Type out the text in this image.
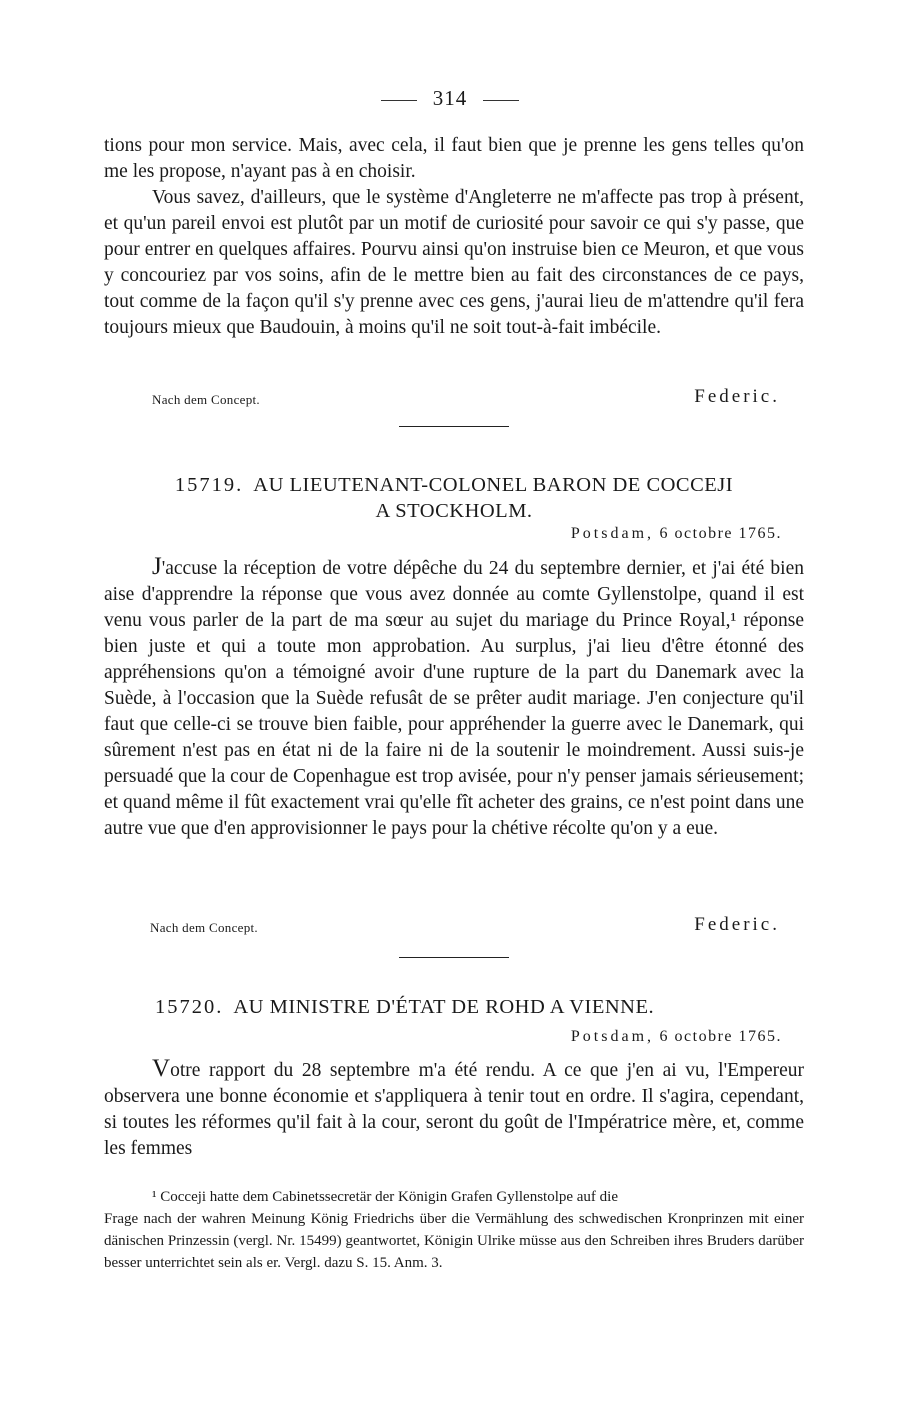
314
tions pour mon service. Mais, avec cela, il faut bien que je prenne les gens telles qu'on me les propose, n'ayant pas à en choisir.
Vous savez, d'ailleurs, que le système d'Angleterre ne m'affecte pas trop à présent, et qu'un pareil envoi est plutôt par un motif de curiosité pour savoir ce qui s'y passe, que pour entrer en quelques affaires. Pourvu ainsi qu'on instruise bien ce Meuron, et que vous y concouriez par vos soins, afin de le mettre bien au fait des circonstances de ce pays, tout comme de la façon qu'il s'y prenne avec ces gens, j'aurai lieu de m'attendre qu'il fera toujours mieux que Baudouin, à moins qu'il ne soit tout-à-fait imbécile.
Nach dem Concept.	Federic.
15719. AU LIEUTENANT-COLONEL BARON DE COCCEJI
A STOCKHOLM.
Potsdam, 6 octobre 1765.
J'accuse la réception de votre dépêche du 24 du septembre dernier, et j'ai été bien aise d'apprendre la réponse que vous avez donnée au comte Gyllenstolpe, quand il est venu vous parler de la part de ma sœur au sujet du mariage du Prince Royal,¹ réponse bien juste et qui a toute mon approbation. Au surplus, j'ai lieu d'être étonné des appréhensions qu'on a témoigné avoir d'une rupture de la part du Danemark avec la Suède, à l'occasion que la Suède refusât de se prêter audit mariage. J'en conjecture qu'il faut que celle-ci se trouve bien faible, pour appréhender la guerre avec le Danemark, qui sûrement n'est pas en état ni de la faire ni de la soutenir le moindrement. Aussi suis-je persuadé que la cour de Copenhague est trop avisée, pour n'y penser jamais sérieusement; et quand même il fût exactement vrai qu'elle fît acheter des grains, ce n'est point dans une autre vue que d'en approvisionner le pays pour la chétive récolte qu'on y a eue.
Nach dem Concept.	Federic.
15720. AU MINISTRE D'ÉTAT DE ROHD A VIENNE.
Potsdam, 6 octobre 1765.
Votre rapport du 28 septembre m'a été rendu. A ce que j'en ai vu, l'Empereur observera une bonne économie et s'appliquera à tenir tout en ordre. Il s'agira, cependant, si toutes les réformes qu'il fait à la cour, seront du goût de l'Impératrice mère, et, comme les femmes
¹ Cocceji hatte dem Cabinetssecretär der Königin Grafen Gyllenstolpe auf die
Frage nach der wahren Meinung König Friedrichs über die Vermählung des schwedischen Kronprinzen mit einer dänischen Prinzessin (vergl. Nr. 15499) geantwortet, Königin Ulrike müsse aus den Schreiben ihres Bruders darüber besser unterrichtet sein als er. Vergl. dazu S. 15. Anm. 3.
